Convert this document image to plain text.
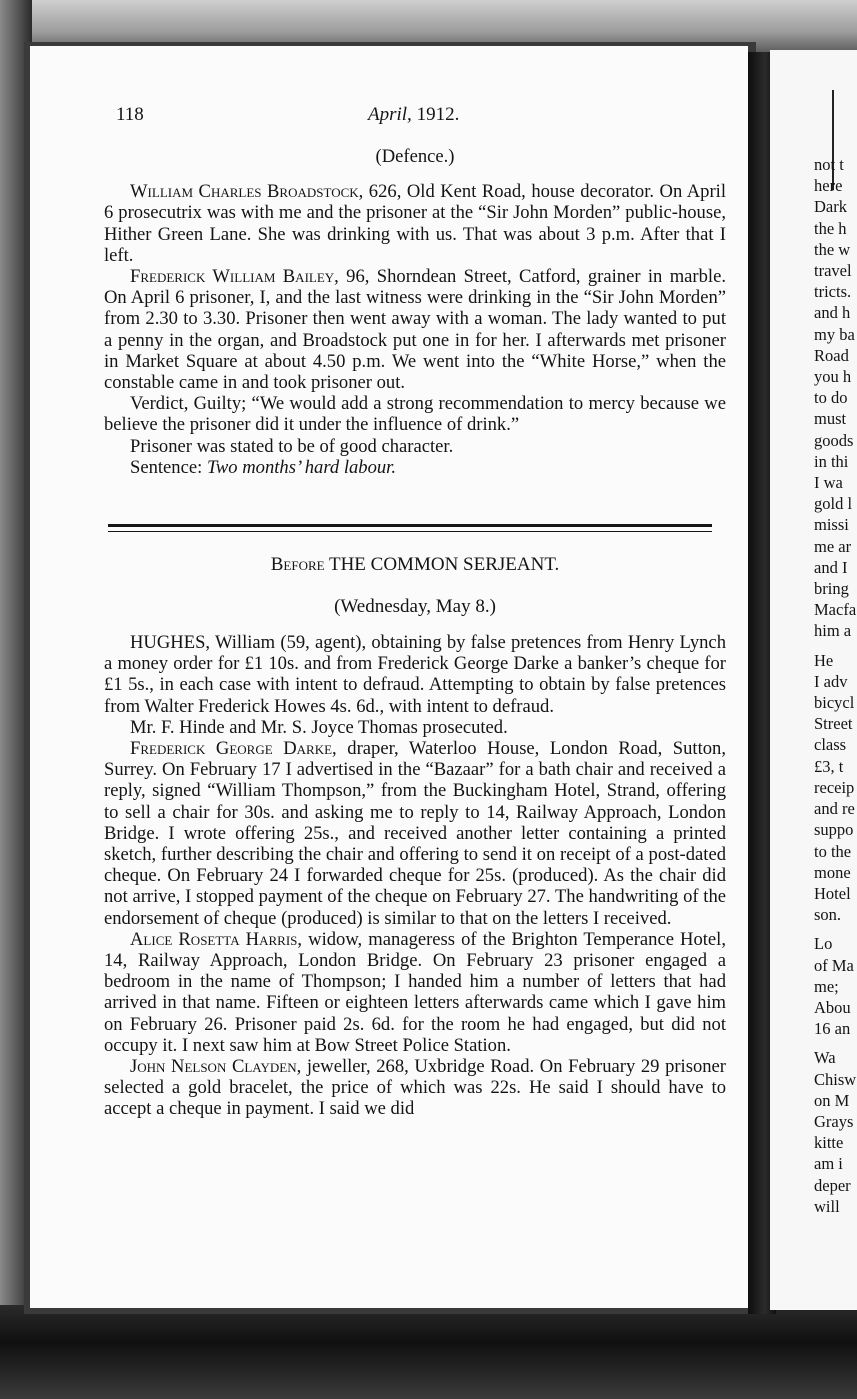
not t
here
Dark
the h
the w
travel
tricts.
and h
my ba
Road
you h
to do
must
goods
in thi
I wa
gold l
missi
me ar
and I
bring
Macfa
him a
He
I adv
bicycl
Street
class
£3, t
receip
and re
suppo
to the
mone
Hotel
son.
Lo
of Ma
me;
Abou
16 an
Wa
Chisw
on M
Grays
kitte
am i
deper
will
118	April, 1912.

(Defence.)

William Charles Broadstock, 626, Old Kent Road, house decorator. On April 6 prosecutrix was with me and the prisoner at the “Sir John Morden” public-house, Hither Green Lane. She was drinking with us. That was about 3 p.m. After that I left.

Frederick William Bailey, 96, Shorndean Street, Catford, grainer in marble. On April 6 prisoner, I, and the last witness were drinking in the “Sir John Morden” from 2.30 to 3.30. Prisoner then went away with a woman. The lady wanted to put a penny in the organ, and Broadstock put one in for her. I afterwards met prisoner in Market Square at about 4.50 p.m. We went into the “White Horse,” when the constable came in and took prisoner out.

Verdict, Guilty; “We would add a strong recommendation to mercy because we believe the prisoner did it under the influence of drink.”

Prisoner was stated to be of good character.

Sentence: Two months’ hard labour.

Before THE COMMON SERJEANT.
(Wednesday, May 8.)

HUGHES, William (59, agent), obtaining by false pretences from Henry Lynch a money order for £1 10s. and from Frederick George Darke a banker’s cheque for £1 5s., in each case with intent to defraud. Attempting to obtain by false pretences from Walter Frederick Howes 4s. 6d., with intent to defraud.

Mr. F. Hinde and Mr. S. Joyce Thomas prosecuted.

Frederick George Darke, draper, Waterloo House, London Road, Sutton, Surrey. On February 17 I advertised in the “Bazaar” for a bath chair and received a reply, signed “William Thompson,” from the Buckingham Hotel, Strand, offering to sell a chair for 30s. and asking me to reply to 14, Railway Approach, London Bridge. I wrote offering 25s., and received another letter containing a printed sketch, further describing the chair and offering to send it on receipt of a post-dated cheque. On February 24 I forwarded cheque for 25s. (produced). As the chair did not arrive, I stopped payment of the cheque on February 27. The handwriting of the endorsement of cheque (produced) is similar to that on the letters I received.

Alice Rosetta Harris, widow, manageress of the Brighton Temperance Hotel, 14, Railway Approach, London Bridge. On February 23 prisoner engaged a bedroom in the name of Thompson; I handed him a number of letters that had arrived in that name. Fifteen or eighteen letters afterwards came which I gave him on February 26. Prisoner paid 2s. 6d. for the room he had engaged, but did not occupy it. I next saw him at Bow Street Police Station.

John Nelson Clayden, jeweller, 268, Uxbridge Road. On February 29 prisoner selected a gold bracelet, the price of which was 22s. He said I should have to accept a cheque in payment. I said we did
